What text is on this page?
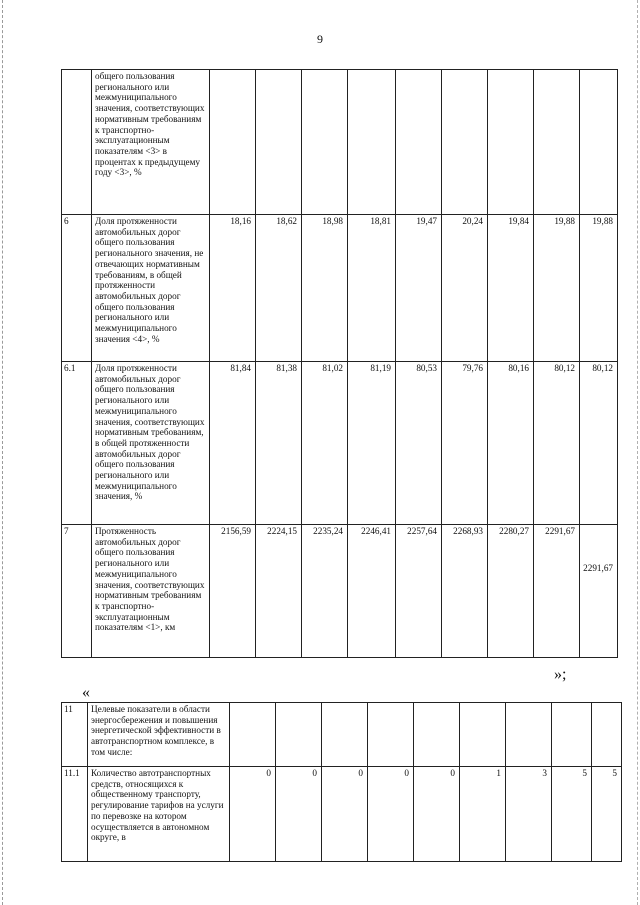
9
	общего пользования регионального или межмуниципального значения, соответствующих нормативным требованиям к транспортно-эксплуатационным показателям <3> в процентах к предыдущему году <3>, %									
6	Доля протяженности автомобильных дорог общего пользования регионального значения, не отвечающих нормативным требованиям, в общей протяженности автомобильных дорог общего пользования регионального или межмуниципального значения <4>, %	18,16	18,62	18,98	18,81	19,47	20,24	19,84	19,88	19,88
6.1	Доля протяженности автомобильных дорог общего пользования регионального или межмуниципального значения, соответствующих нормативным требованиям, в общей протяженности автомобильных дорог общего пользования регионального или межмуниципального значения, %	81,84	81,38	81,02	81,19	80,53	79,76	80,16	80,12	80,12
7	Протяженность автомобильных дорог общего пользования регионального или межмуниципального значения, соответствующих нормативным требованиям к транспортно-эксплуатационным показателям <1>, км	2156,59	2224,15	2235,24	2246,41	2257,64	2268,93	2280,27	2291,67	2291,67
»;
«
11	Целевые показатели в области энергосбережения и повышения энергетической эффективности в автотранспортном комплексе, в том числе:									
11.1	Количество автотранспортных средств, относящихся к общественному транспорту, регулирование тарифов на услуги по перевозке на котором осуществляется в автономном округе, в	0	0	0	0	0	1	3	5	5
